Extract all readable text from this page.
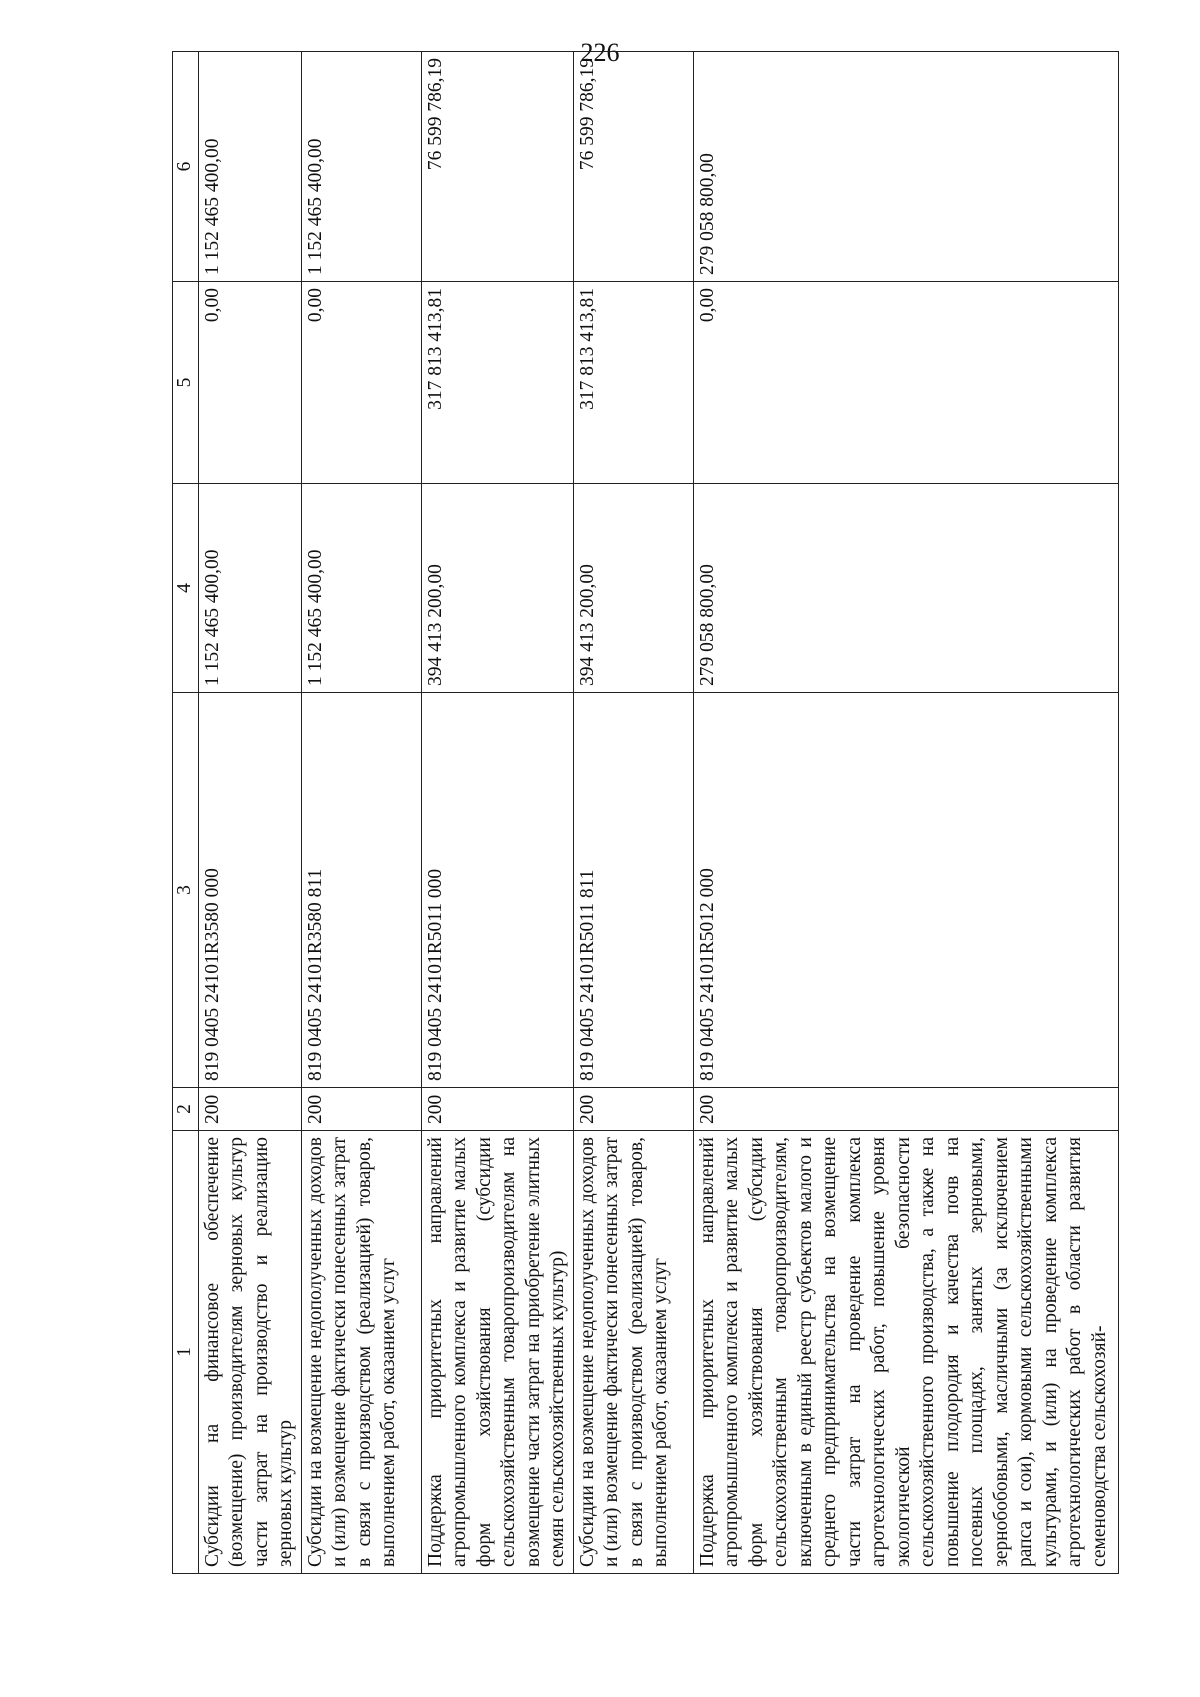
226
1	2	3	4	5	6
Субсидии на финансовое обеспечение (возмещение) производителям зерновых культур части затрат на производство и реализацию зерновых культур	200	819 0405 24101R3580 000	1 152 465 400,00	0,00	1 152 465 400,00
Субсидии на возмещение недополученных доходов и (или) возмещение фактически понесенных затрат в связи с производством (реализацией) товаров, выполнением работ, оказанием услуг	200	819 0405 24101R3580 811	1 152 465 400,00	0,00	1 152 465 400,00
Поддержка приоритетных направлений агропромышленного комплекса и развитие малых форм хозяйствования (субсидии сельскохозяйственным товаропроизводителям на возмещение части затрат на приобретение элитных семян сельскохозяйственных культур)	200	819 0405 24101R5011 000	394 413 200,00	317 813 413,81	76 599 786,19
Субсидии на возмещение недополученных доходов и (или) возмещение фактически понесенных затрат в связи с производством (реализацией) товаров, выполнением работ, оказанием услуг	200	819 0405 24101R5011 811	394 413 200,00	317 813 413,81	76 599 786,19
Поддержка приоритетных направлений агропромышленного комплекса и развитие малых форм хозяйствования (субсидии сельскохозяйственным товаропроизводителям, включенным в единый реестр субъектов малого и среднего предпринимательства на возмещение части затрат на проведение комплекса агротехнологических работ, повышение уровня экологической безопасности сельскохозяйственного производства, а также на повышение плодородия и качества почв на посевных площадях, занятых зерновыми, зернобобовыми, масличными (за исключением рапса и сои), кормовыми сельскохозяйственными культурами, и (или) на проведение комплекса агротехнологических работ в области развития семеноводства сельскохозяй-	200	819 0405 24101R5012 000	279 058 800,00	0,00	279 058 800,00
